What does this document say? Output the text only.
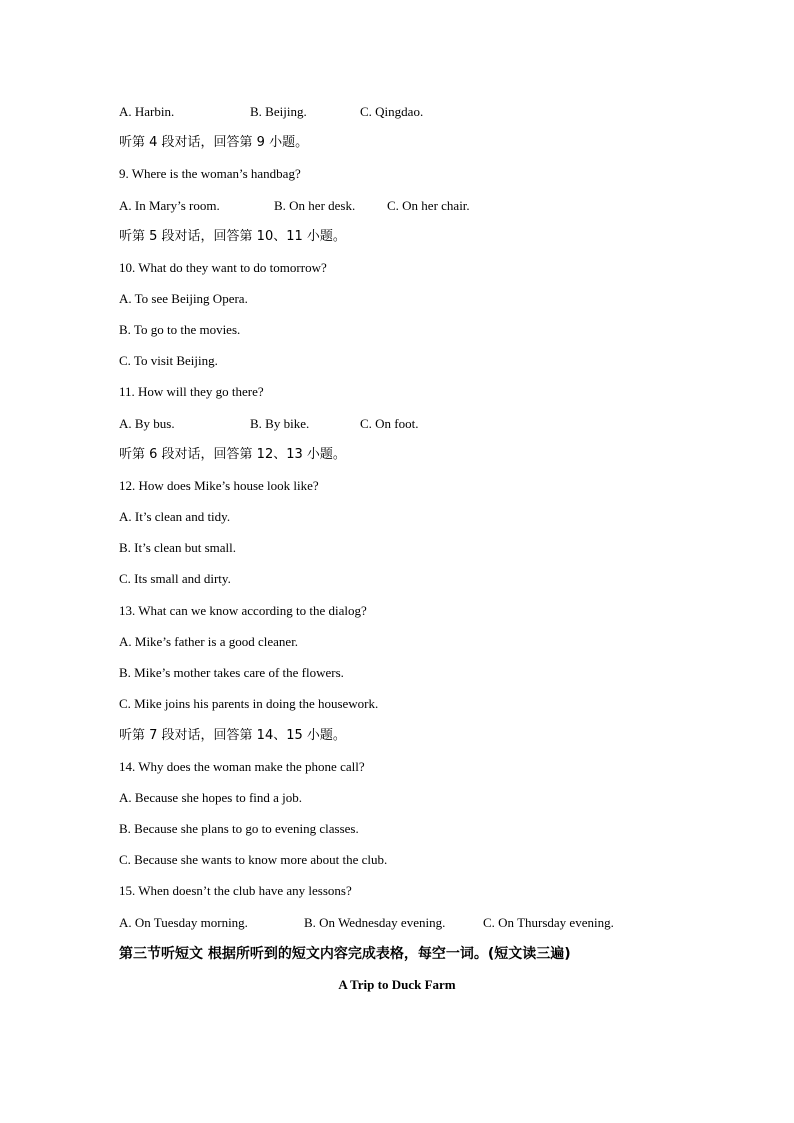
A. Harbin.	B. Beijing.	C. Qingdao.
听第 4 段对话，回答第 9 小题。
9. Where is the woman’s handbag?
A. In Mary’s room.	B. On her desk. C. On her chair.
听第 5 段对话，回答第 10、11 小题。
10. What do they want to do tomorrow?
A. To see Beijing Opera.
B. To go to the movies.
C. To visit Beijing.
11. How will they go there?
A. By bus.	B. By bike.	C. On foot.
听第 6 段对话，回答第 12、13 小题。
12. How does Mike’s house look like?
A. It’s clean and tidy.
B. It’s clean but small.
C. Its small and dirty.
13. What can we know according to the dialog?
A. Mike’s father is a good cleaner.
B. Mike’s mother takes care of the flowers.
C. Mike joins his parents in doing the housework.
听第 7 段对话，回答第 14、15 小题。
14. Why does the woman make the phone call?
A. Because she hopes to find a job.
B. Because she plans to go to evening classes.
C. Because she wants to know more about the club.
15. When doesn’t the club have any lessons?
A. On Tuesday morning.	B. On Wednesday evening.	C. On Thursday evening.
第三节听短文 根据所听到的短文内容完成表格，每空一词。(短文读三遍)
A Trip to Duck Farm
